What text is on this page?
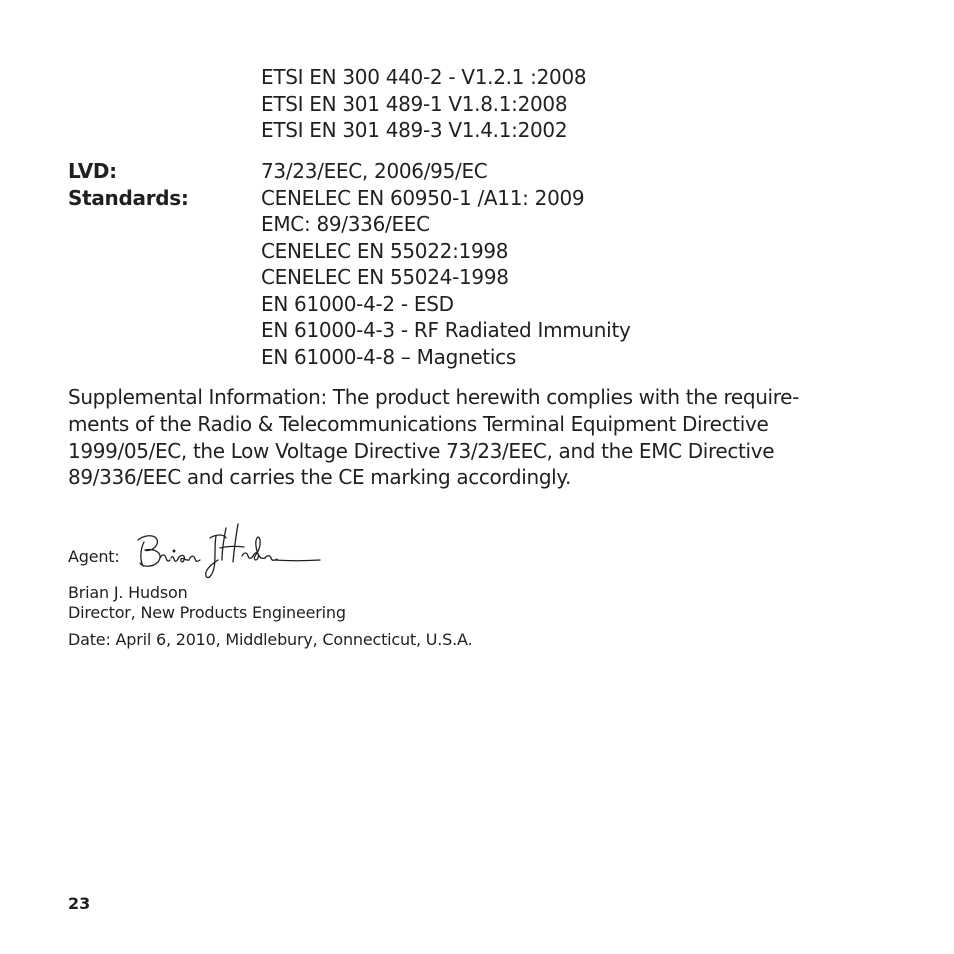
ETSI EN 300 440-2 - V1.2.1 :2008
ETSI EN 301 489-1 V1.8.1:2008
ETSI EN 301 489-3 V1.4.1:2002
LVD:	73/23/EEC, 2006/95/EC
Standards:	CENELEC EN 60950-1 /A11: 2009
EMC: 89/336/EEC
CENELEC EN 55022:1998
CENELEC EN 55024-1998
EN 61000-4-2 - ESD
EN 61000-4-3 - RF Radiated Immunity
EN 61000-4-8 – Magnetics
Supplemental Information: The product herewith complies with the require-
ments of the Radio & Telecommunications Terminal Equipment Directive
1999/05/EC, the Low Voltage Directive 73/23/EEC, and the EMC Directive
89/336/EEC and carries the CE marking accordingly.
Agent:
Brian J. Hudson
Director, New Products Engineering
Date: April 6, 2010, Middlebury, Connecticut, U.S.A.
23
